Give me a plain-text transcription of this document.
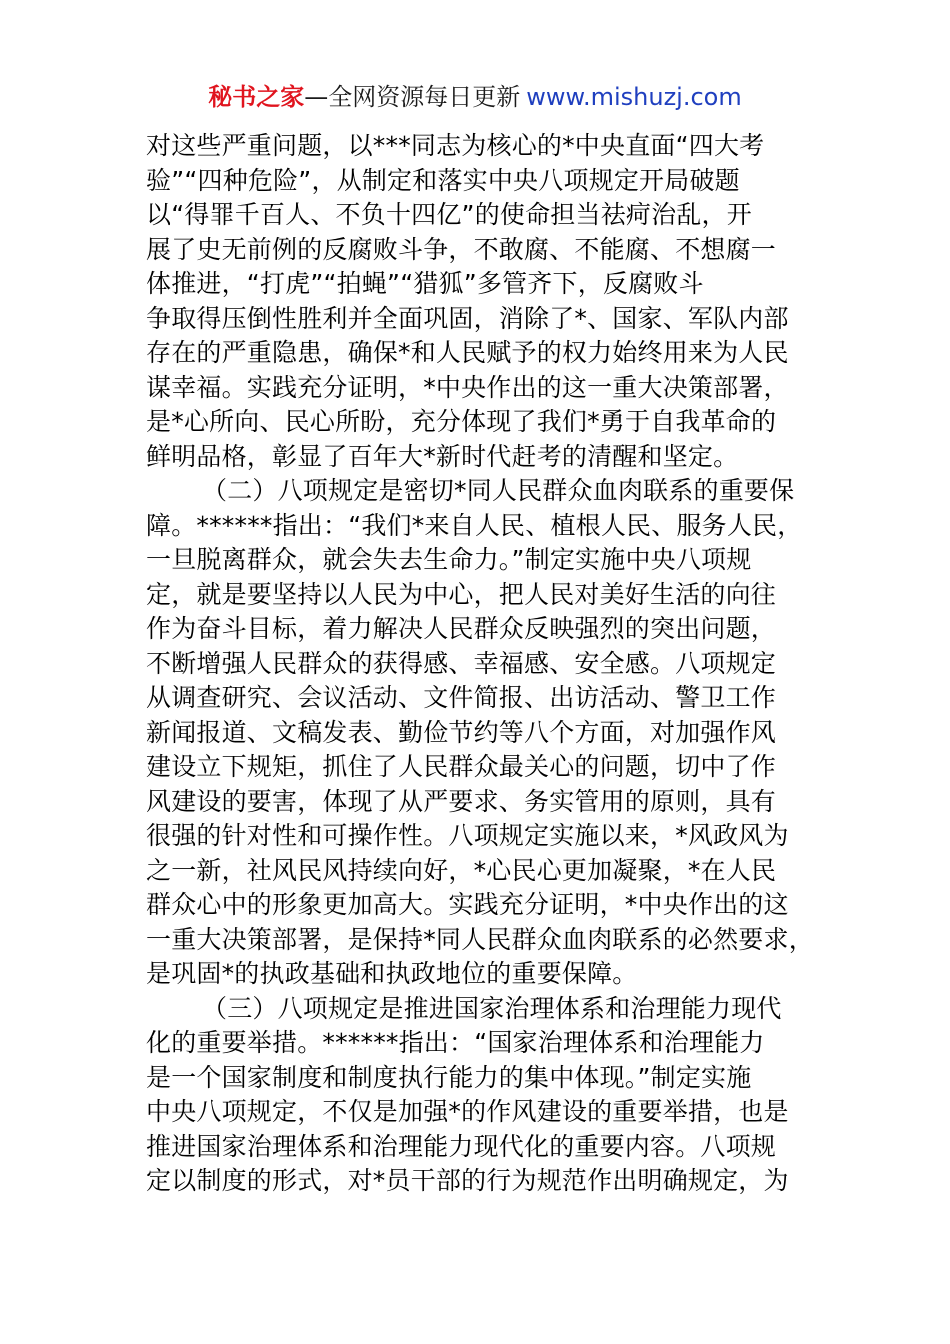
秘书之家—全网资源每日更新 www.mishuzj.com
对这些严重问题，以***同志为核心的*中央直面“四大考
验”“四种危险”，从制定和落实中央八项规定开局破题
以“得罪千百人、不负十四亿”的使命担当祛疴治乱，开
展了史无前例的反腐败斗争，不敢腐、不能腐、不想腐一
体推进，“打虎”“拍蝇”“猎狐”多管齐下，反腐败斗
争取得压倒性胜利并全面巩固，消除了*、国家、军队内部
存在的严重隐患，确保*和人民赋予的权力始终用来为人民
谋幸福。实践充分证明，*中央作出的这一重大决策部署，
是*心所向、民心所盼，充分体现了我们*勇于自我革命的
鲜明品格，彰显了百年大*新时代赶考的清醒和坚定。
（二）八项规定是密切*同人民群众血肉联系的重要保
障。******指出：“我们*来自人民、植根人民、服务人民，
一旦脱离群众，就会失去生命力。”制定实施中央八项规
定，就是要坚持以人民为中心，把人民对美好生活的向往
作为奋斗目标，着力解决人民群众反映强烈的突出问题，
不断增强人民群众的获得感、幸福感、安全感。八项规定
从调查研究、会议活动、文件简报、出访活动、警卫工作
新闻报道、文稿发表、勤俭节约等八个方面，对加强作风
建设立下规矩，抓住了人民群众最关心的问题，切中了作
风建设的要害，体现了从严要求、务实管用的原则，具有
很强的针对性和可操作性。八项规定实施以来，*风政风为
之一新，社风民风持续向好，*心民心更加凝聚，*在人民
群众心中的形象更加高大。实践充分证明，*中央作出的这
一重大决策部署，是保持*同人民群众血肉联系的必然要求，
是巩固*的执政基础和执政地位的重要保障。
（三）八项规定是推进国家治理体系和治理能力现代
化的重要举措。******指出：“国家治理体系和治理能力
是一个国家制度和制度执行能力的集中体现。”制定实施
中央八项规定，不仅是加强*的作风建设的重要举措，也是
推进国家治理体系和治理能力现代化的重要内容。八项规
定以制度的形式，对*员干部的行为规范作出明确规定，为
